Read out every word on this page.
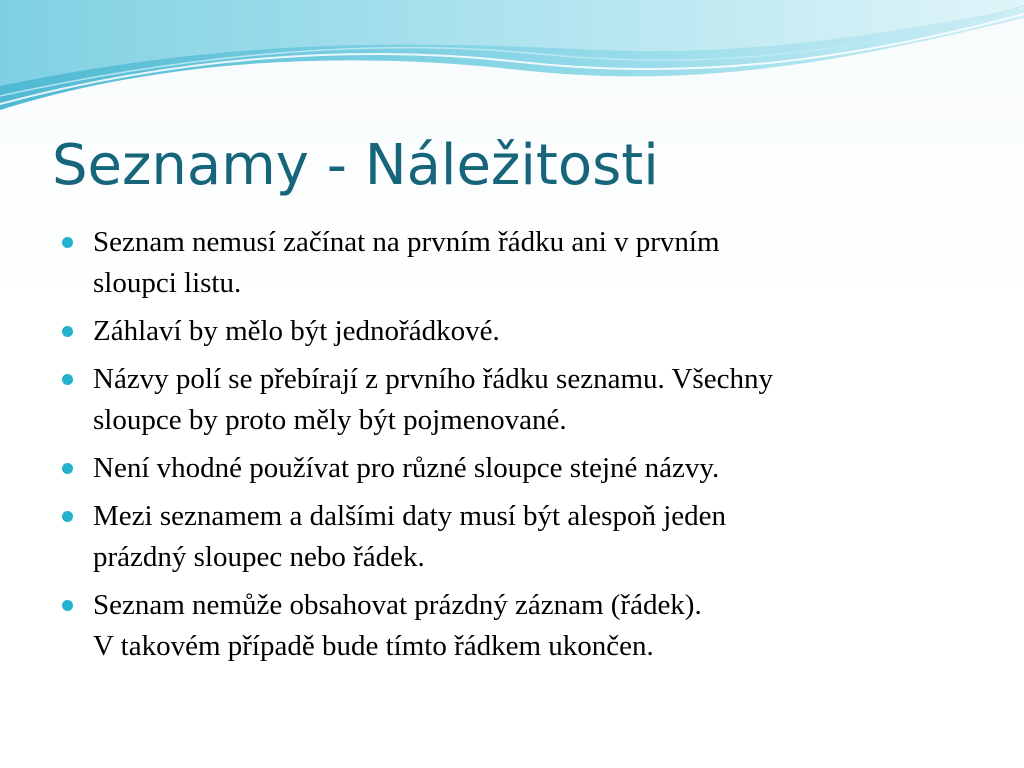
Seznamy - Náležitosti
Seznam nemusí začínat na prvním řádku ani v prvním
sloupci listu.
Záhlaví by mělo být jednořádkové.
Názvy polí se přebírají z prvního řádku seznamu. Všechny
sloupce by proto měly být pojmenované.
Není vhodné používat pro různé sloupce stejné názvy.
Mezi seznamem a dalšími daty musí být alespoň jeden
prázdný sloupec nebo řádek.
Seznam nemůže obsahovat prázdný záznam (řádek).
V takovém případě bude tímto řádkem ukončen.
